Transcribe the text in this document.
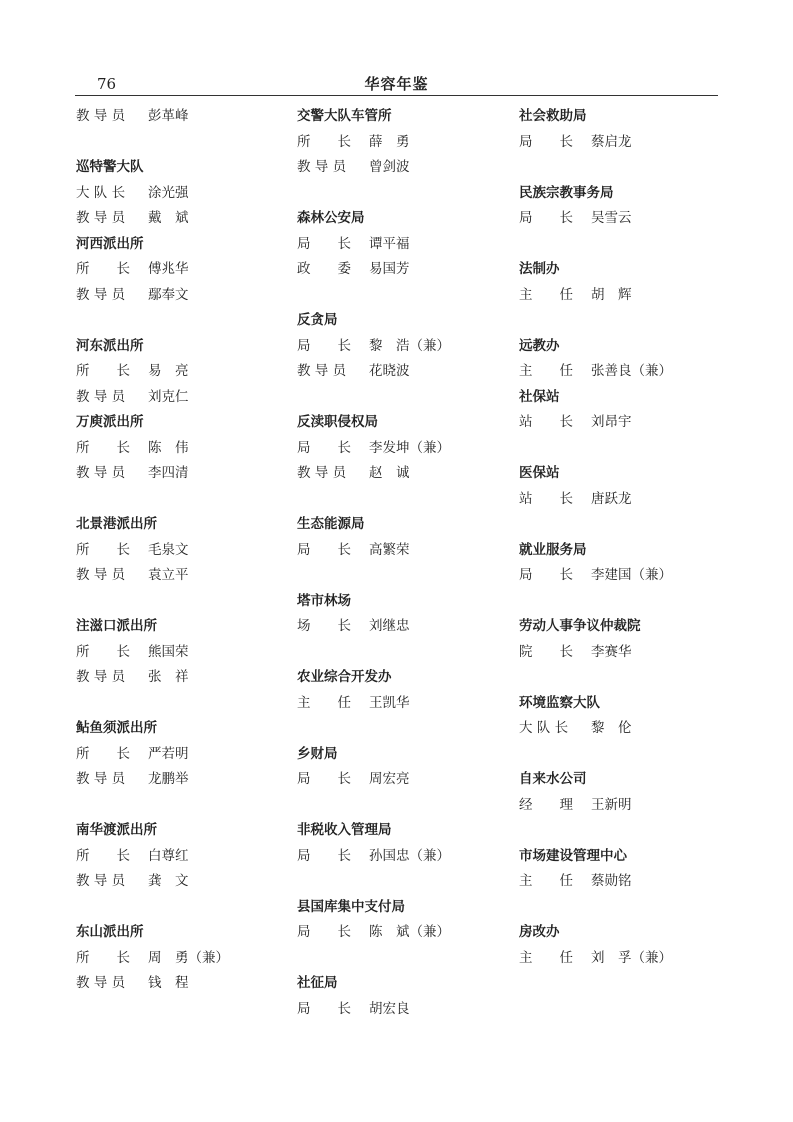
76	华容年鉴
教 导 员 彭革峰
巡特警大队
大 队 长 涂光强
教 导 员 戴　斌
河西派出所
所　　长 傅兆华
教 导 员 鄢奉文
河东派出所
所　　长 易　亮
教 导 员 刘克仁
万庾派出所
所　　长 陈　伟
教 导 员 李四清
北景港派出所
所　　长 毛泉文
教 导 员 袁立平
注滋口派出所
所　　长 熊国荣
教 导 员 张　祥
鲇鱼须派出所
所　　长 严若明
教 导 员 龙鹏举
南华渡派出所
所　　长 白尊红
教 导 员 龚　文
东山派出所
所　　长 周　勇（兼）
教 导 员 钱　程
交警大队车管所
所　　长 薛　勇
教 导 员 曾剑波
森林公安局
局　　长 谭平福
政　　委 易国芳
反贪局
局　　长 黎　浩（兼）
教 导 员 花晓波
反渎职侵权局
局　　长 李发坤（兼）
教 导 员 赵　诚
生态能源局
局　　长 高繁荣
塔市林场
场　　长 刘继忠
农业综合开发办
主　　任 王凯华
乡财局
局　　长 周宏亮
非税收入管理局
局　　长 孙国忠（兼）
县国库集中支付局
局　　长 陈　斌（兼）
社征局
局　　长 胡宏良
社会救助局
局　　长 蔡启龙
民族宗教事务局
局　　长 吴雪云
法制办
主　　任 胡　辉
远教办
主　　任 张善良（兼）
社保站
站　　长 刘昂宇
医保站
站　　长 唐跃龙
就业服务局
局　　长 李建国（兼）
劳动人事争议仲裁院
院　　长 李赛华
环境监察大队
大 队 长 黎　伦
自来水公司
经　　理 王新明
市场建设管理中心
主　　任 蔡勋铭
房改办
主　　任 刘　孚（兼）
